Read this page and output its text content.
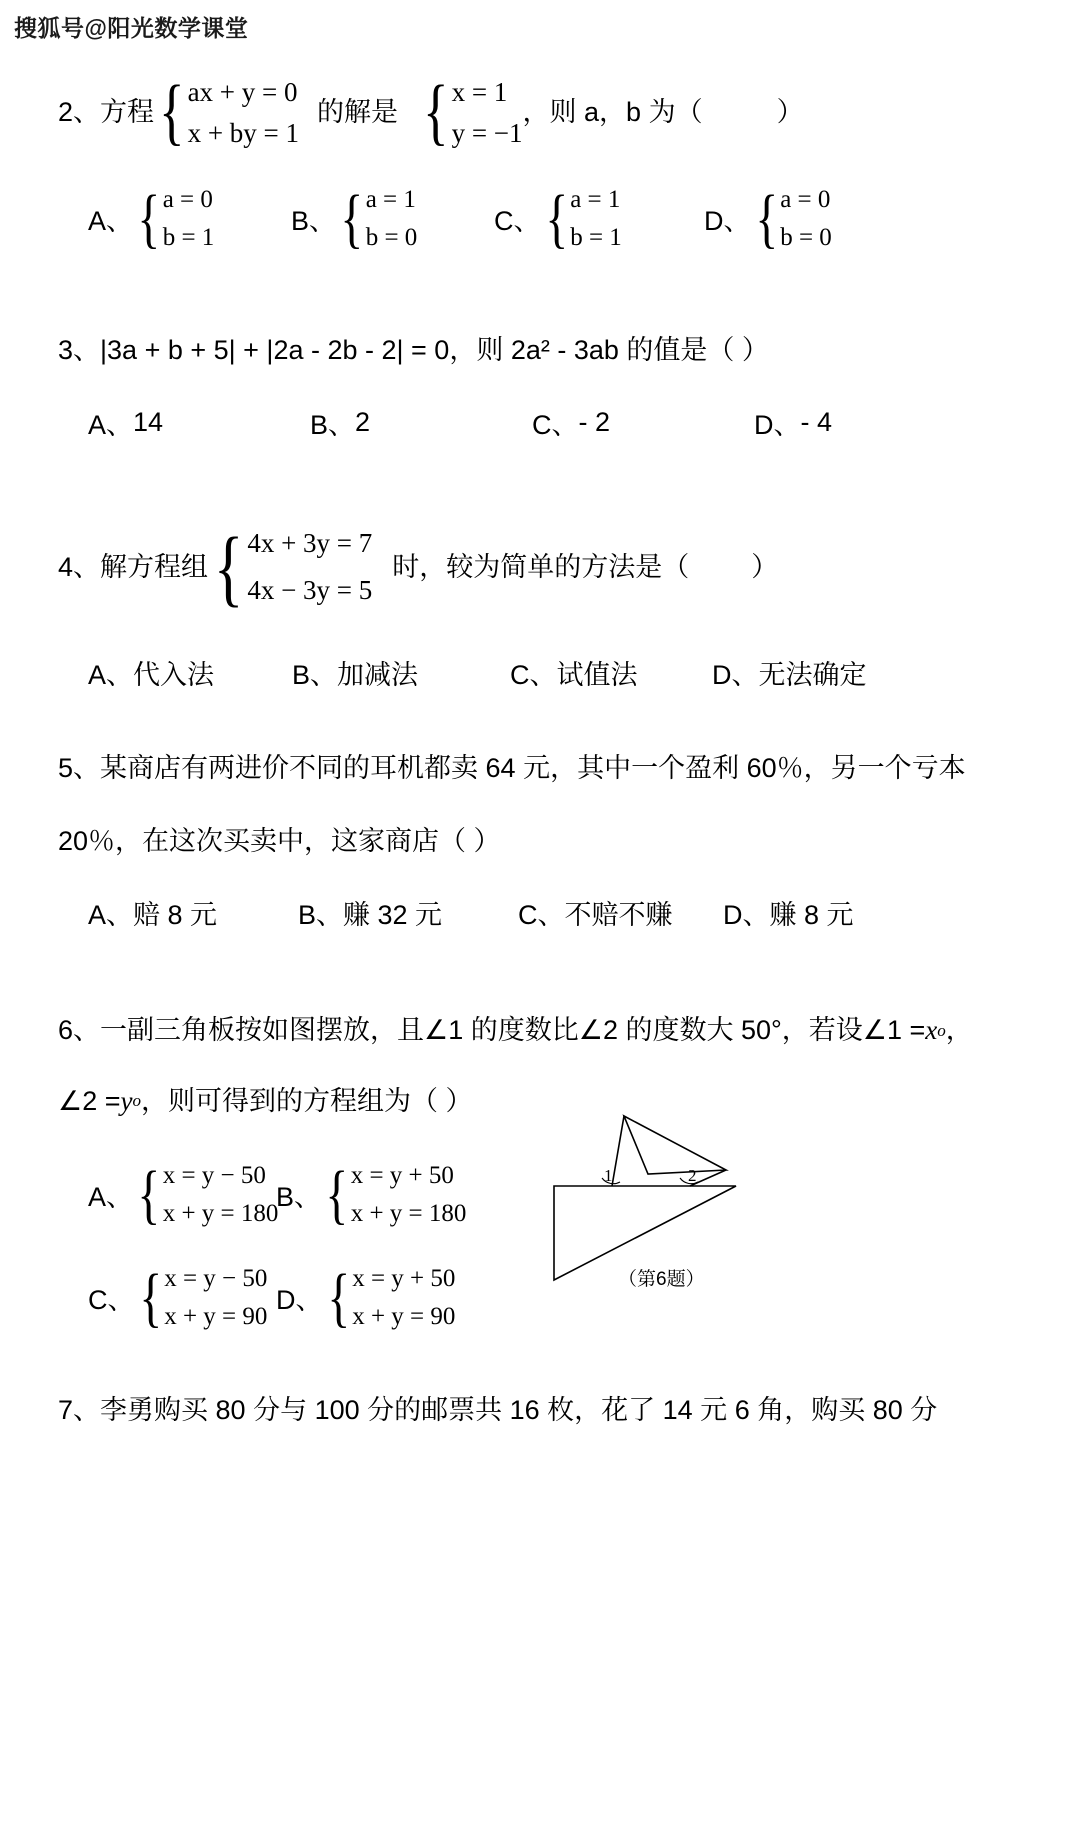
搜狐号@阳光数学课堂
2、 方程 { ax + y = 0
x + by = 1
的解是 { x = 1
y = −1
，则 a，b 为（	）
A、 { a = 0
b = 1
B、 { a = 1
b = 0
C、 { a = 1
b = 1
D、 { a = 0
b = 0
3、 |3a + b + 5| + |2a - 2b - 2| = 0，则 2a² - 3ab 的值是（ ）
A、 14	B、 2	C、 - 2	D、 - 4
4、 解方程组 { 4x + 3y = 7
4x − 3y = 5
时，较为简单的方法是（	）
A、 代入法	B、 加减法	C、 试值法	D、 无法确定
5、 某商店有两进价不同的耳机都卖 64 元，其中一个盈利 60％，另一个亏本
20％，在这次买卖中，这家商店（ ）
A、 赔 8 元	B、 赚 32 元	C、 不赔不赚 D、 赚 8 元
6、 一副三角板按如图摆放，且∠1 的度数比∠2 的度数大 50°，若设∠1 = x o ，
∠2 = y o ，则可得到的方程组为（ ）
A、 { x = y − 50
x + y = 180
B、 { x = y + 50
x + y = 180
C、 { x = y − 50
x + y = 90
D、 { x = y + 50
x + y = 90
1	2
（第6题）
7、 李勇购买 80 分与 100 分的邮票共 16 枚，花了 14 元 6 角，购买 80 分
